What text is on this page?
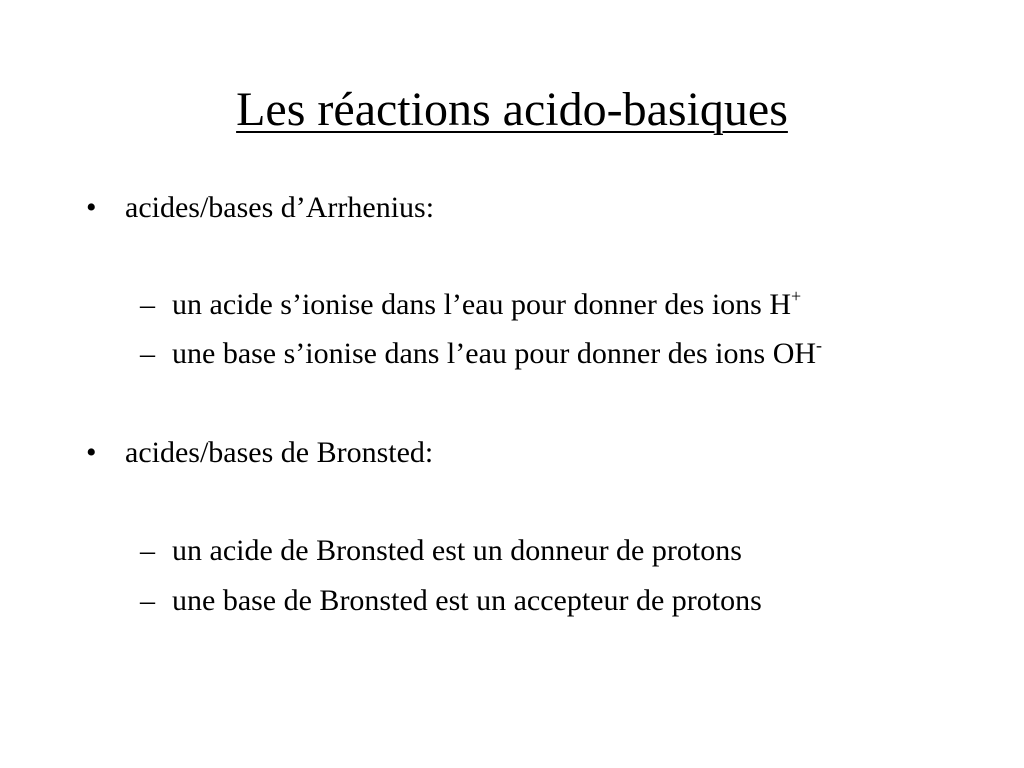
Les réactions acido-basiques
• acides/bases d’Arrhenius:
– un acide s’ionise dans l’eau pour donner des ions H+
– une base s’ionise dans l’eau pour donner des ions OH-
• acides/bases de Bronsted:
– un acide de Bronsted est un donneur de protons
– une base de Bronsted est un accepteur de protons
